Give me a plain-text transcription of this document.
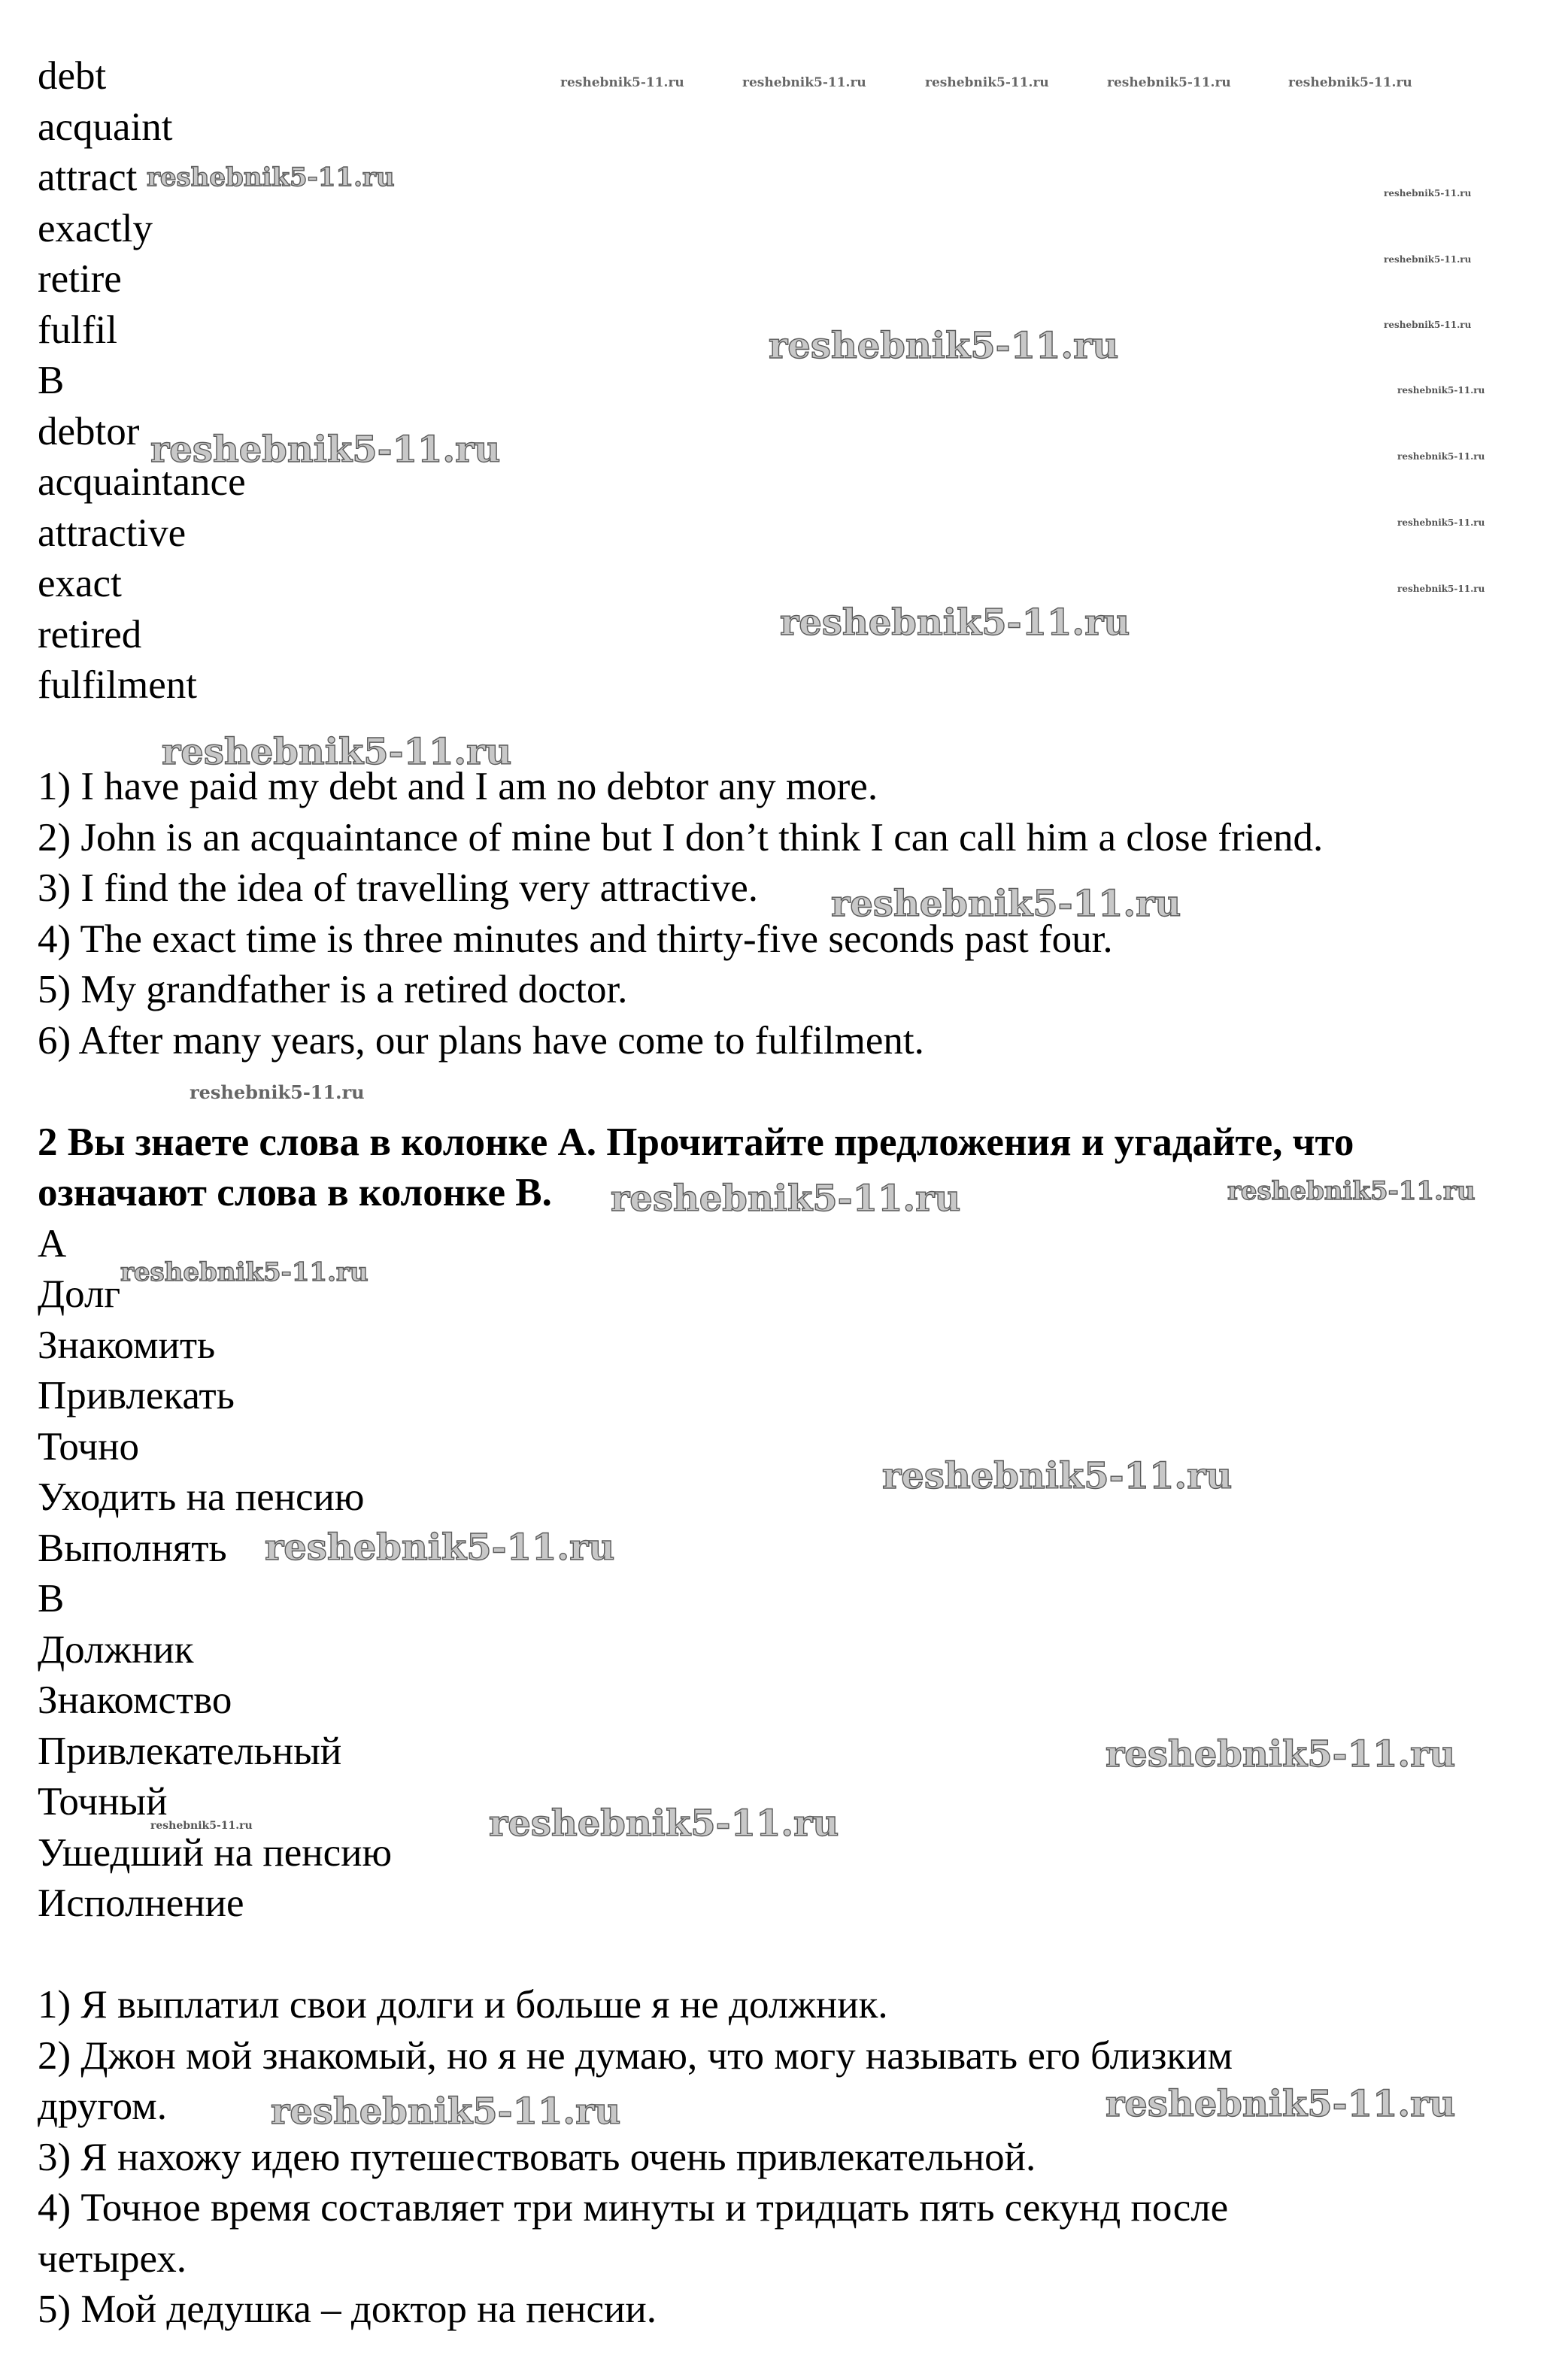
debt
acquaint
attract
exactly
retire
fulfil
B
debtor
acquaintance
attractive
exact
retired
fulfilment
1) I have paid my debt and I am no debtor any more.
2) John is an acquaintance of mine but I don’t think I can call him a close friend.
3) I find the idea of travelling very attractive.
4) The exact time is three minutes and thirty-five seconds past four.
5) My grandfather is a retired doctor.
6) After many years, our plans have come to fulfilment.
2 Вы знаете слова в колонке А. Прочитайте предложения и угадайте, что
означают слова в колонке В.
А
Долг
Знакомить
Привлекать
Точно
Уходить на пенсию
Выполнять
В
Должник
Знакомство
Привлекательный
Точный
Ушедший на пенсию
Исполнение
1) Я выплатил свои долги и больше я не должник.
2) Джон мой знакомый, но я не думаю, что могу называть его близким
другом.
3) Я нахожу идею путешествовать очень привлекательной.
4) Точное время составляет три минуты и тридцать пять секунд после
четырех.
5) Мой дедушка – доктор на пенсии.
reshebnik5-11.ru	reshebnik5-11.ru	reshebnik5-11.ru	reshebnik5-11.ru	reshebnik5-11.ru
reshebnik5-11.ru
reshebnik5-11.ru
reshebnik5-11.ru
reshebnik5-11.ru
reshebnik5-11.ru
reshebnik5-11.ru
reshebnik5-11.ru
reshebnik5-11.ru
reshebnik5-11.ru
reshebnik5-11.ru
reshebnik5-11.ru
reshebnik5-11.ru
reshebnik5-11.ru
reshebnik5-11.ru
reshebnik5-11.ru	reshebnik5-11.ru
reshebnik5-11.ru
reshebnik5-11.ru
reshebnik5-11.ru
reshebnik5-11.ru
reshebnik5-11.ru	reshebnik5-11.ru
reshebnik5-11.ru	reshebnik5-11.ru
